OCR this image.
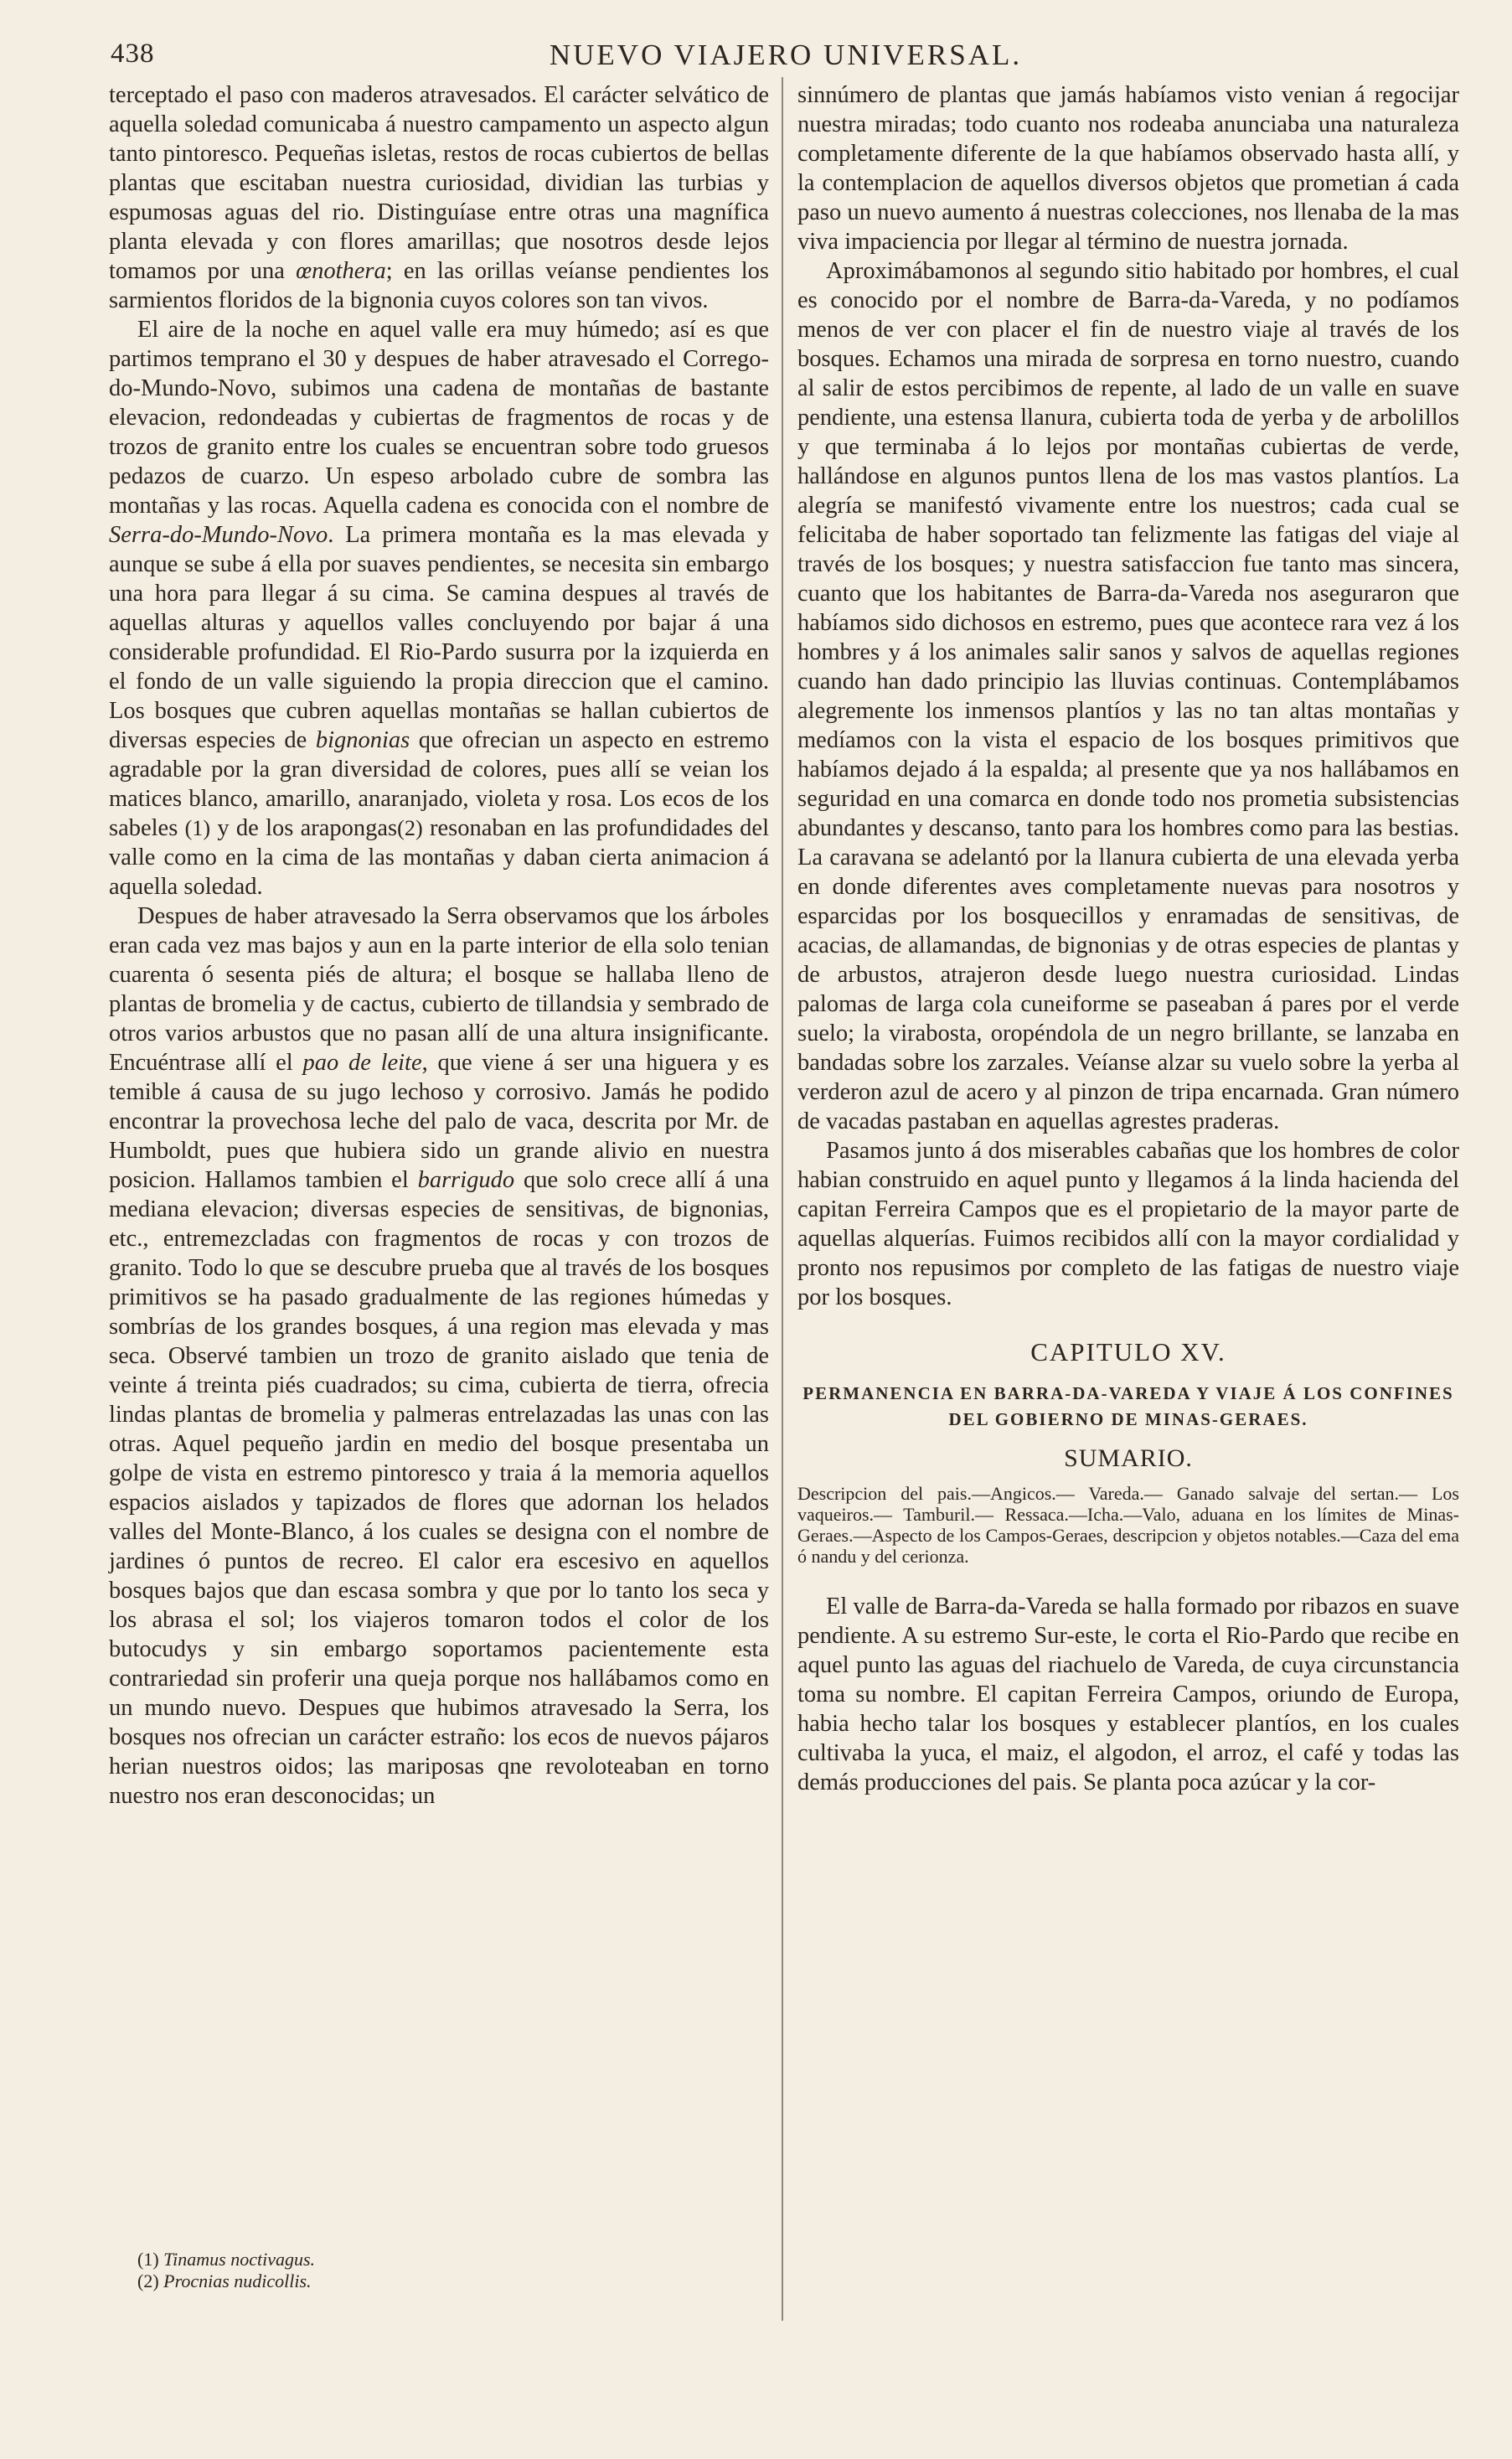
438	NUEVO VIAJERO UNIVERSAL.

terceptado el paso con maderos atravesados. El carácter selvático de aquella soledad comunicaba á nuestro campamento un aspecto algun tanto pintoresco. Pequeñas isletas, restos de rocas cubiertos de bellas plantas que escitaban nuestra curiosidad, dividian las turbias y espumosas aguas del rio. Distinguíase entre otras una magnífica planta elevada y con flores amarillas; que nosotros desde lejos tomamos por una œnothera; en las orillas veíanse pendientes los sarmientos floridos de la bignonia cuyos colores son tan vivos.

El aire de la noche en aquel valle era muy húmedo; así es que partimos temprano el 30 y despues de haber atravesado el Corrego-do-Mundo-Novo, subimos una cadena de montañas de bastante elevacion, redondeadas y cubiertas de fragmentos de rocas y de trozos de granito entre los cuales se encuentran sobre todo gruesos pedazos de cuarzo. Un espeso arbolado cubre de sombra las montañas y las rocas. Aquella cadena es conocida con el nombre de Serra-do-Mundo-Novo. La primera montaña es la mas elevada y aunque se sube á ella por suaves pendientes, se necesita sin embargo una hora para llegar á su cima. Se camina despues al través de aquellas alturas y aquellos valles concluyendo por bajar á una considerable profundidad. El Rio-Pardo susurra por la izquierda en el fondo de un valle siguiendo la propia direccion que el camino. Los bosques que cubren aquellas montañas se hallan cubiertos de diversas especies de bignonias que ofrecian un aspecto en estremo agradable por la gran diversidad de colores, pues allí se veian los matices blanco, amarillo, anaranjado, violeta y rosa. Los ecos de los sabeles (1) y de los arapongas(2) resonaban en las profundidades del valle como en la cima de las montañas y daban cierta animacion á aquella soledad.

Despues de haber atravesado la Serra observamos que los árboles eran cada vez mas bajos y aun en la parte interior de ella solo tenian cuarenta ó sesenta piés de altura; el bosque se hallaba lleno de plantas de bromelia y de cactus, cubierto de tillandsia y sembrado de otros varios arbustos que no pasan allí de una altura insignificante. Encuéntrase allí el pao de leite, que viene á ser una higuera y es temible á causa de su jugo lechoso y corrosivo. Jamás he podido encontrar la provechosa leche del palo de vaca, descrita por Mr. de Humboldt, pues que hubiera sido un grande alivio en nuestra posicion. Hallamos tambien el barrigudo que solo crece allí á una mediana elevacion; diversas especies de sensitivas, de bignonias, etc., entremezcladas con fragmentos de rocas y con trozos de granito. Todo lo que se descubre prueba que al través de los bosques primitivos se ha pasado gradualmente de las regiones húmedas y sombrías de los grandes bosques, á una region mas elevada y mas seca. Observé tambien un trozo de granito aislado que tenia de veinte á treinta piés cuadrados; su cima, cubierta de tierra, ofrecia lindas plantas de bromelia y palmeras entrelazadas las unas con las otras. Aquel pequeño jardin en medio del bosque presentaba un golpe de vista en estremo pintoresco y traia á la memoria aquellos espacios aislados y tapizados de flores que adornan los helados valles del Monte-Blanco, á los cuales se designa con el nombre de jardines ó puntos de recreo. El calor era escesivo en aquellos bosques bajos que dan escasa sombra y que por lo tanto los seca y los abrasa el sol; los viajeros tomaron todos el color de los butocudys y sin embargo soportamos pacientemente esta contrariedad sin proferir una queja porque nos hallábamos como en un mundo nuevo. Despues que hubimos atravesado la Serra, los bosques nos ofrecian un carácter estraño: los ecos de nuevos pájaros herian nuestros oidos; las mariposas qne revoloteaban en torno nuestro nos eran desconocidas; un

(1) Tinamus noctivagus.
(2) Procnias nudicollis.

sinnúmero de plantas que jamás habíamos visto venian á regocijar nuestra miradas; todo cuanto nos rodeaba anunciaba una naturaleza completamente diferente de la que habíamos observado hasta allí, y la contemplacion de aquellos diversos objetos que prometian á cada paso un nuevo aumento á nuestras colecciones, nos llenaba de la mas viva impaciencia por llegar al término de nuestra jornada.

Aproximábamonos al segundo sitio habitado por hombres, el cual es conocido por el nombre de Barra-da-Vareda, y no podíamos menos de ver con placer el fin de nuestro viaje al través de los bosques. Echamos una mirada de sorpresa en torno nuestro, cuando al salir de estos percibimos de repente, al lado de un valle en suave pendiente, una estensa llanura, cubierta toda de yerba y de arbolillos y que terminaba á lo lejos por montañas cubiertas de verde, hallándose en algunos puntos llena de los mas vastos plantíos. La alegría se manifestó vivamente entre los nuestros; cada cual se felicitaba de haber soportado tan felizmente las fatigas del viaje al través de los bosques; y nuestra satisfaccion fue tanto mas sincera, cuanto que los habitantes de Barra-da-Vareda nos aseguraron que habíamos sido dichosos en estremo, pues que acontece rara vez á los hombres y á los animales salir sanos y salvos de aquellas regiones cuando han dado principio las lluvias continuas. Contemplábamos alegremente los inmensos plantíos y las no tan altas montañas y medíamos con la vista el espacio de los bosques primitivos que habíamos dejado á la espalda; al presente que ya nos hallábamos en seguridad en una comarca en donde todo nos prometia subsistencias abundantes y descanso, tanto para los hombres como para las bestias. La caravana se adelantó por la llanura cubierta de una elevada yerba en donde diferentes aves completamente nuevas para nosotros y esparcidas por los bosquecillos y enramadas de sensitivas, de acacias, de allamandas, de bignonias y de otras especies de plantas y de arbustos, atrajeron desde luego nuestra curiosidad. Lindas palomas de larga cola cuneiforme se paseaban á pares por el verde suelo; la virabosta, oropéndola de un negro brillante, se lanzaba en bandadas sobre los zarzales. Veíanse alzar su vuelo sobre la yerba al verderon azul de acero y al pinzon de tripa encarnada. Gran número de vacadas pastaban en aquellas agrestes praderas.

Pasamos junto á dos miserables cabañas que los hombres de color habian construido en aquel punto y llegamos á la linda hacienda del capitan Ferreira Campos que es el propietario de la mayor parte de aquellas alquerías. Fuimos recibidos allí con la mayor cordialidad y pronto nos repusimos por completo de las fatigas de nuestro viaje por los bosques.

CAPITULO XV.
PERMANENCIA EN BARRA-DA-VAREDA Y VIAJE Á LOS CONFINES DEL GOBIERNO DE MINAS-GERAES.
SUMARIO.

Descripcion del pais.—Angicos.— Vareda.— Ganado salvaje del sertan.— Los vaqueiros.— Tamburil.— Ressaca.—Icha.—Valo, aduana en los límites de Minas-Geraes.—Aspecto de los Campos-Geraes, descripcion y objetos notables.—Caza del ema ó nandu y del cerionza.

El valle de Barra-da-Vareda se halla formado por ribazos en suave pendiente. A su estremo Sur-este, le corta el Rio-Pardo que recibe en aquel punto las aguas del riachuelo de Vareda, de cuya circunstancia toma su nombre. El capitan Ferreira Campos, oriundo de Europa, habia hecho talar los bosques y establecer plantíos, en los cuales cultivaba la yuca, el maiz, el algodon, el arroz, el café y todas las demás producciones del pais. Se planta poca azúcar y la cor-
